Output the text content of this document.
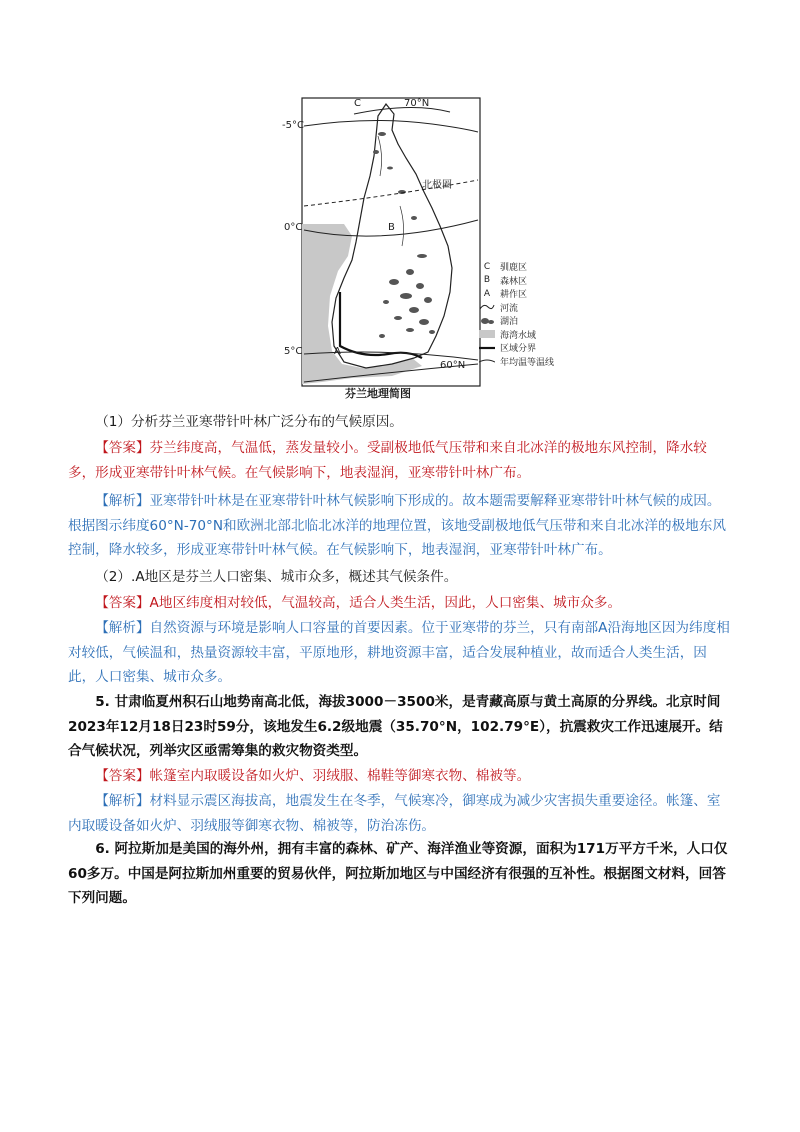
C	70°N
-5°C
北极圈
0°C	B
5°C	A
60°N
C	驯鹿区
B	森林区
A	耕作区
河流
湖泊
海湾水域
区域分界
年均温等温线
芬兰地理简图

（1）分析芬兰亚寒带针叶林广泛分布的气候原因。

【答案】芬兰纬度高，气温低，蒸发量较小。受副极地低气压带和来自北冰洋的极地东风控制，降水较多，形成亚寒带针叶林气候。在气候影响下，地表湿润，亚寒带针叶林广布。

【解析】亚寒带针叶林是在亚寒带针叶林气候影响下形成的。故本题需要解释亚寒带针叶林气候的成因。根据图示纬度60°N-70°N和欧洲北部北临北冰洋的地理位置，该地受副极地低气压带和来自北冰洋的极地东风控制，降水较多，形成亚寒带针叶林气候。在气候影响下，地表湿润，亚寒带针叶林广布。

（2）.A地区是芬兰人口密集、城市众多，概述其气候条件。

【答案】A地区纬度相对较低，气温较高，适合人类生活，因此，人口密集、城市众多。

【解析】自然资源与环境是影响人口容量的首要因素。位于亚寒带的芬兰，只有南部A沿海地区因为纬度相对较低，气候温和，热量资源较丰富，平原地形，耕地资源丰富，适合发展种植业，故而适合人类生活，因此，人口密集、城市众多。

5. 甘肃临夏州积石山地势南高北低，海拔3000－3500米，是青藏高原与黄土高原的分界线。北京时间2023年12月18日23时59分，该地发生6.2级地震（35.70°N，102.79°E），抗震救灾工作迅速展开。结合气候状况，列举灾区亟需筹集的救灾物资类型。

【答案】帐篷室内取暖设备如火炉、羽绒服、棉鞋等御寒衣物、棉被等。

【解析】材料显示震区海拔高，地震发生在冬季，气候寒冷，御寒成为减少灾害损失重要途径。帐篷、室内取暖设备如火炉、羽绒服等御寒衣物、棉被等，防治冻伤。

6. 阿拉斯加是美国的海外州，拥有丰富的森林、矿产、海洋渔业等资源，面积为171万平方千米，人口仅60多万。中国是阿拉斯加州重要的贸易伙伴，阿拉斯加地区与中国经济有很强的互补性。根据图文材料，回答下列问题。
